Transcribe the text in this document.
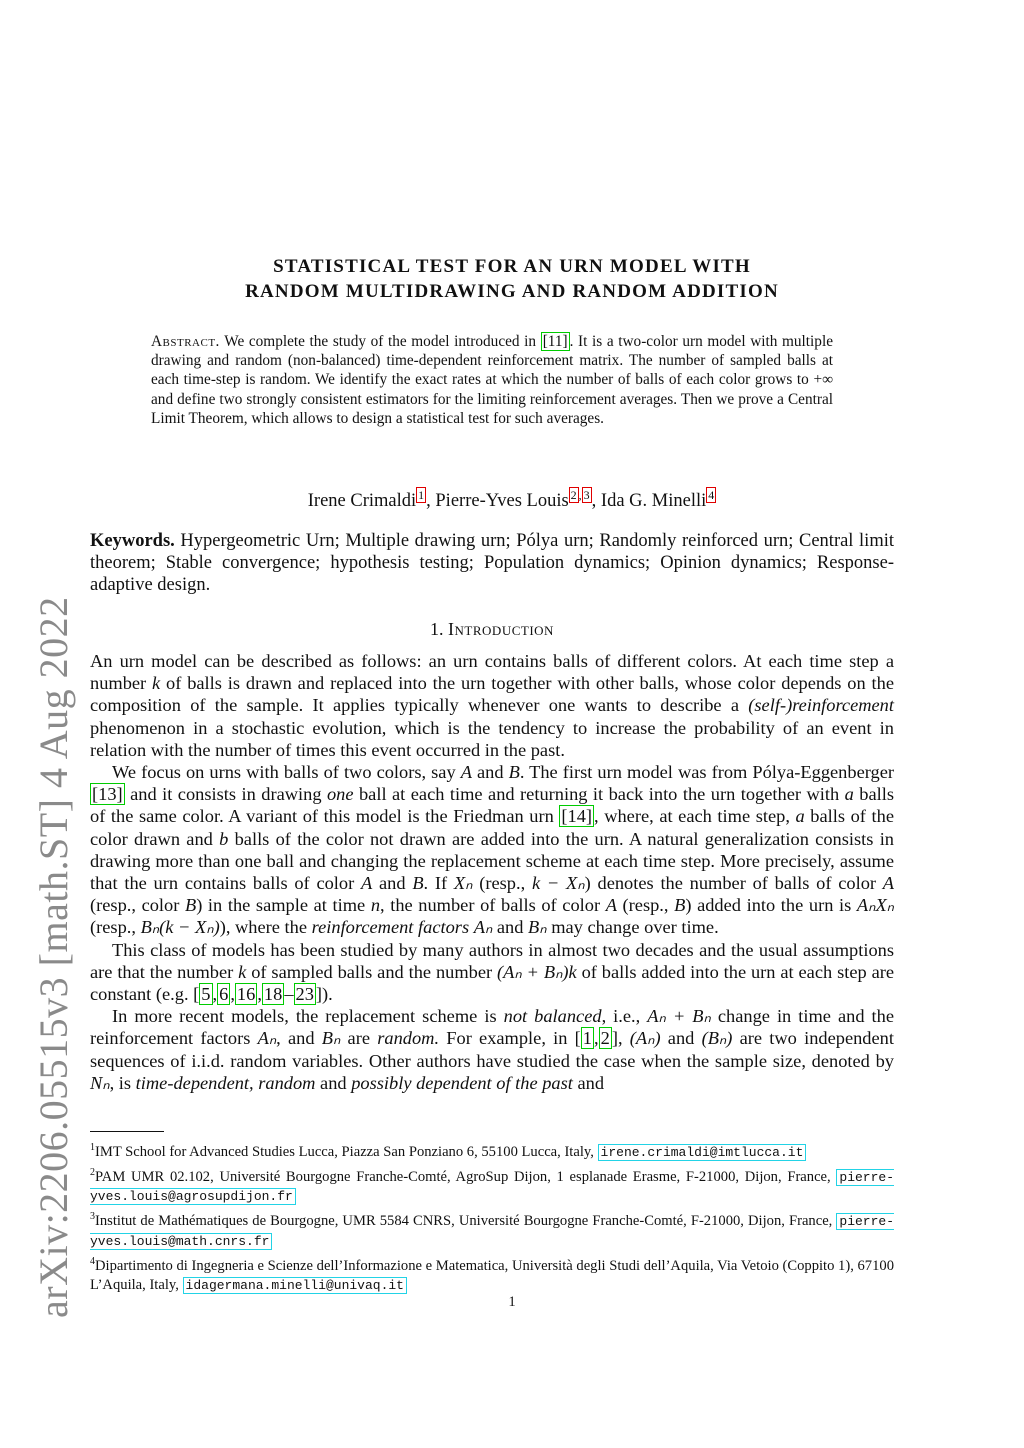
arXiv:2206.05515v3 [math.ST] 4 Aug 2022
STATISTICAL TEST FOR AN URN MODEL WITH
RANDOM MULTIDRAWING AND RANDOM ADDITION
Abstract. We complete the study of the model introduced in [11] . It is a two-color urn model with multiple drawing and random (non-balanced) time-dependent reinforcement matrix. The number of sampled balls at each time-step is random. We identify the exact rates at which the number of balls of each color grows to +∞ and define two strongly consistent estimators for the limiting reinforcement averages. Then we prove a Central Limit Theorem, which allows to design a statistical test for such averages.
Irene Crimaldi $^1$ , Pierre-Yves Louis $^2$ , $^3$ , Ida G. Minelli $^4$
Keywords. Hypergeometric Urn; Multiple drawing urn; Pólya urn; Randomly reinforced urn; Central limit theorem; Stable convergence; hypothesis testing; Population dynamics; Opinion dynamics; Response-adaptive design.
1. Introduction

An urn model can be described as follows: an urn contains balls of different colors. At each time step a number k of balls is drawn and replaced into the urn together with other balls, whose color depends on the composition of the sample. It applies typically whenever one wants to describe a (self-)reinforcement phenomenon in a stochastic evolution, which is the tendency to increase the probability of an event in relation with the number of times this event occurred in the past.

We focus on urns with balls of two colors, say A and B. The first urn model was from Pólya-Eggenberger [13] and it consists in drawing one ball at each time and returning it back into the urn together with a balls of the same color. A variant of this model is the Friedman urn [14] , where, at each time step, a balls of the color drawn and b balls of the color not drawn are added into the urn. A natural generalization consists in drawing more than one ball and changing the replacement scheme at each time step. More precisely, assume that the urn contains balls of color A and B. If Xₙ (resp., k − Xₙ) denotes the number of balls of color A (resp., color B) in the sample at time n, the number of balls of color A (resp., B) added into the urn is AₙXₙ (resp., Bₙ(k − Xₙ)), where the reinforcement factors Aₙ and Bₙ may change over time.

This class of models has been studied by many authors in almost two decades and the usual assumptions are that the number k of sampled balls and the number (Aₙ + Bₙ)k of balls added into the urn at each step are constant (e.g. [ 5 , 6 , 16 , 18 – 23 ]).

In more recent models, the replacement scheme is not balanced, i.e., Aₙ + Bₙ change in time and the reinforcement factors Aₙ, and Bₙ are random. For example, in [ 1 , 2 ], (Aₙ) and (Bₙ) are two independent sequences of i.i.d. random variables. Other authors have studied the case when the sample size, denoted by Nₙ, is time-dependent, random and possibly dependent of the past and

$^1$IMT School for Advanced Studies Lucca, Piazza San Ponziano 6, 55100 Lucca, Italy, irene.crimaldi@imtlucca.it

$^2$PAM UMR 02.102, Université Bourgogne Franche-Comté, AgroSup Dijon, 1 esplanade Erasme, F-21000, Dijon, France, pierre-yves.louis@agrosupdijon.fr

$^3$Institut de Mathématiques de Bourgogne, UMR 5584 CNRS, Université Bourgogne Franche-Comté, F-21000, Dijon, France, pierre-yves.louis@math.cnrs.fr

$^4$Dipartimento di Ingegneria e Scienze dell’Informazione e Matematica, Università degli Studi dell’Aquila, Via Vetoio (Coppito 1), 67100 L’Aquila, Italy, idagermana.minelli@univaq.it

1
